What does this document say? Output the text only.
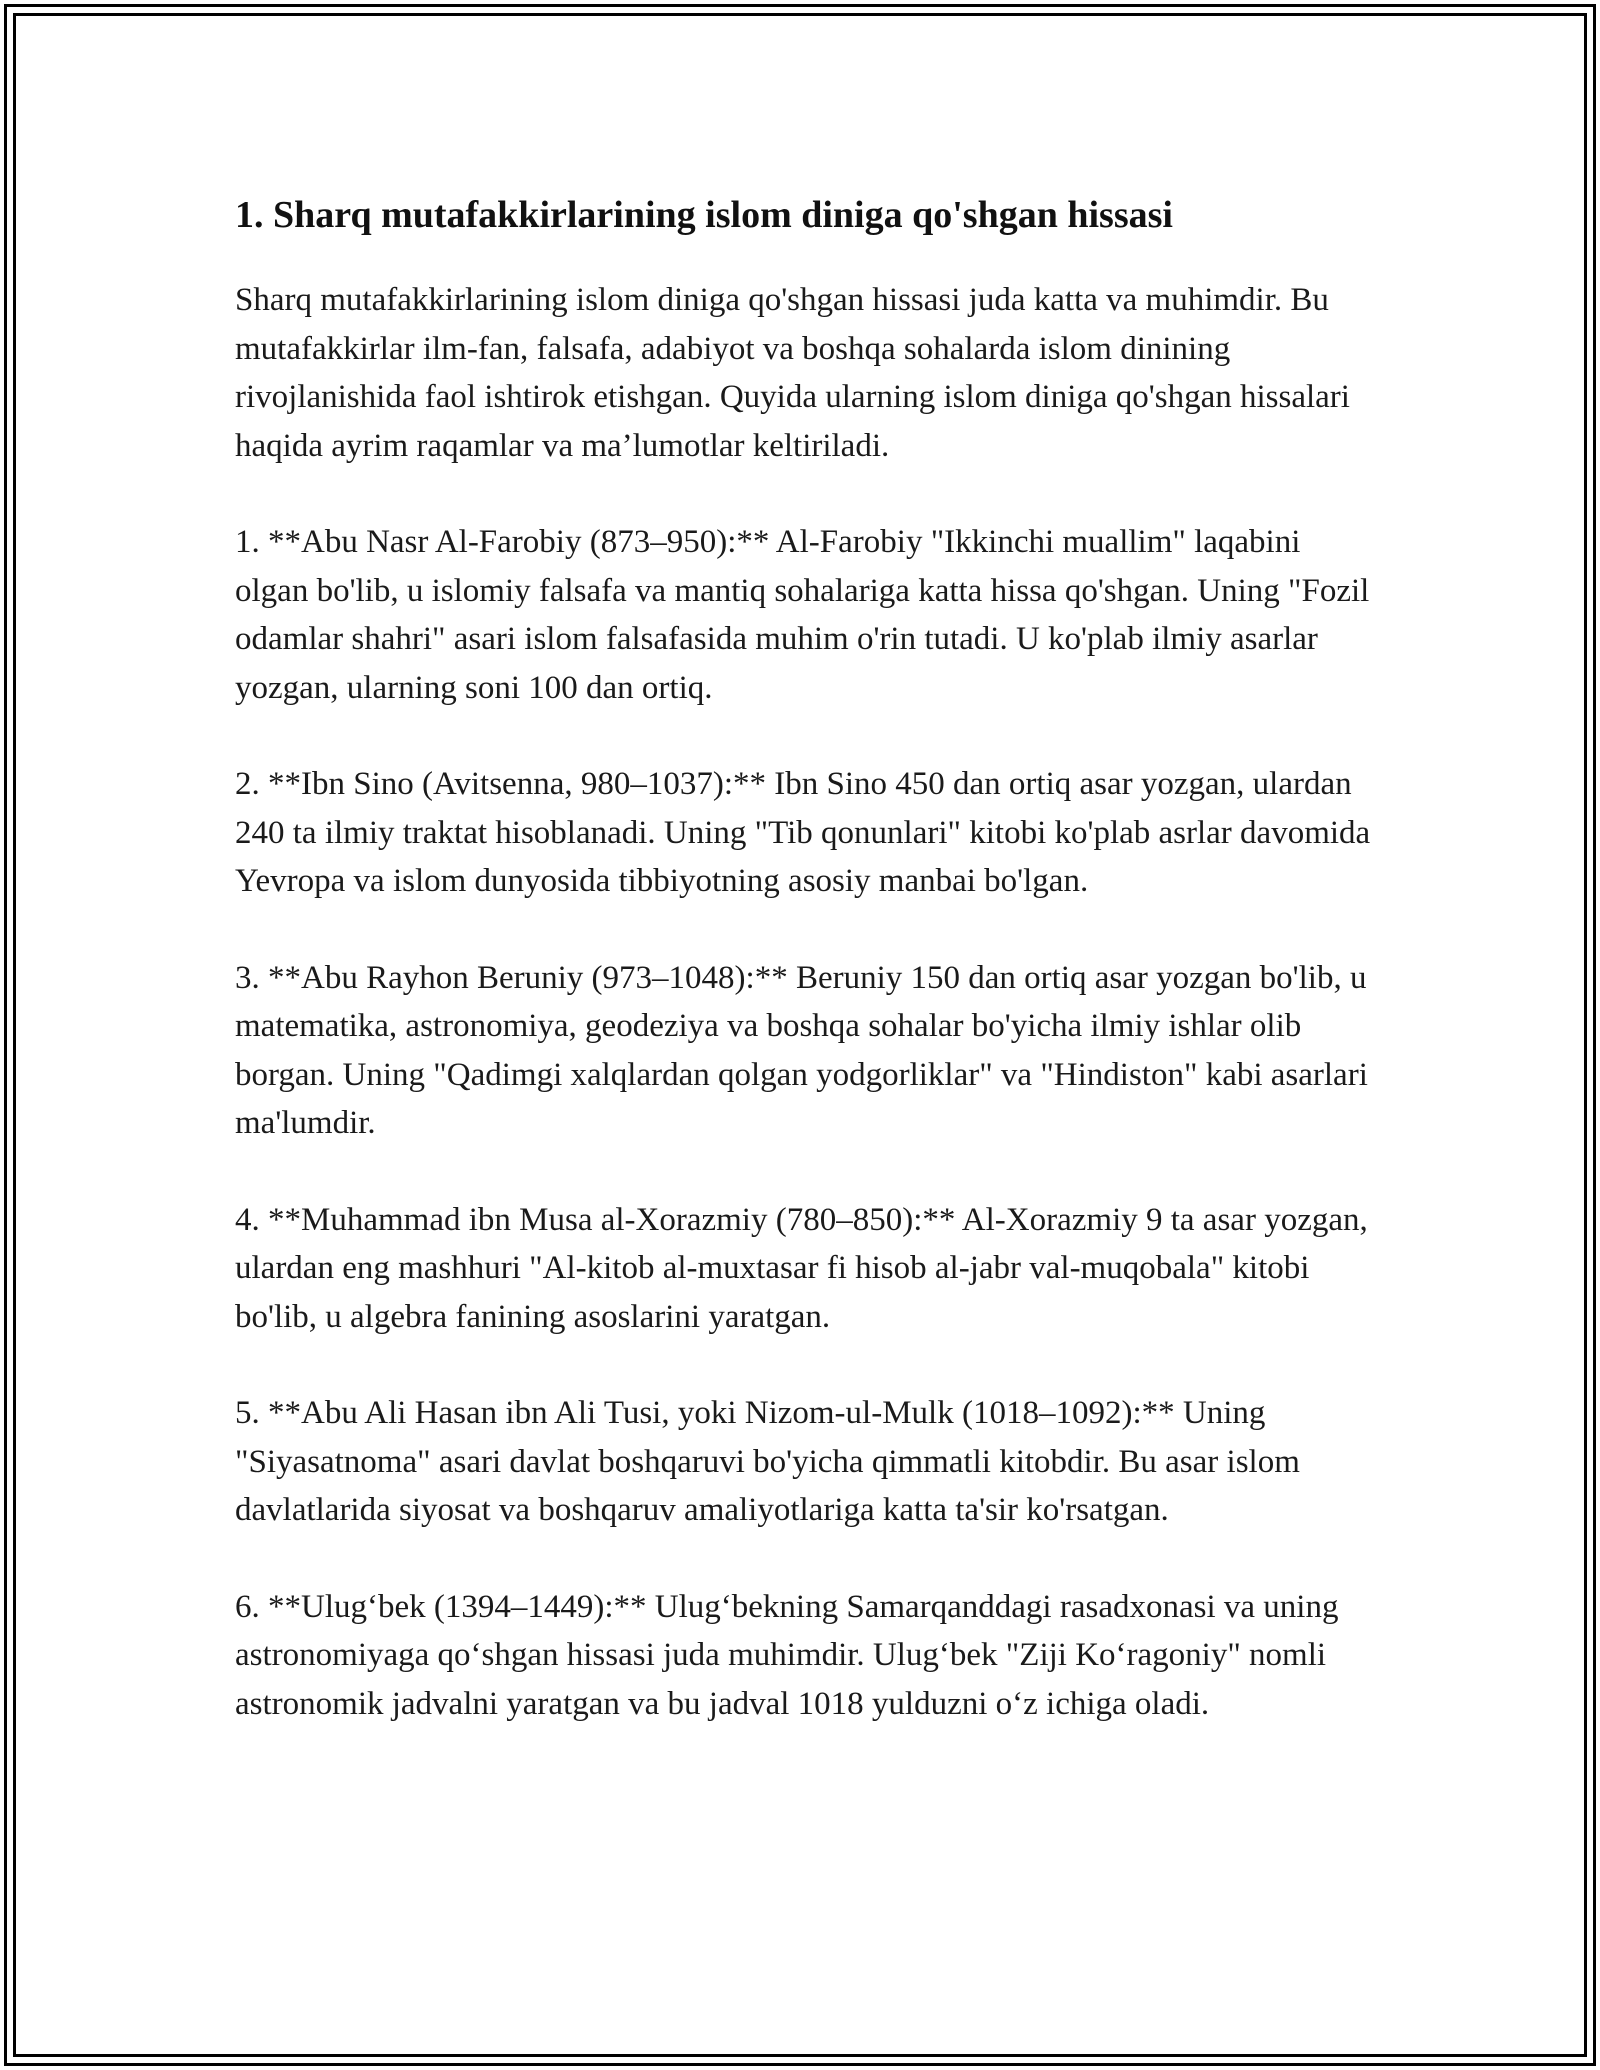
1. Sharq mutafakkirlarining islom diniga qo'shgan hissasi

Sharq mutafakkirlarining islom diniga qo'shgan hissasi juda katta va muhimdir. Bu mutafakkirlar ilm-fan, falsafa, adabiyot va boshqa sohalarda islom dinining rivojlanishida faol ishtirok etishgan. Quyida ularning islom diniga qo'shgan hissalari haqida ayrim raqamlar va ma’lumotlar keltiriladi.

1. **Abu Nasr Al-Farobiy (873–950):** Al-Farobiy "Ikkinchi muallim" laqabini olgan bo'lib, u islomiy falsafa va mantiq sohalariga katta hissa qo'shgan. Uning "Fozil odamlar shahri" asari islom falsafasida muhim o'rin tutadi. U ko'plab ilmiy asarlar yozgan, ularning soni 100 dan ortiq.

2. **Ibn Sino (Avitsenna, 980–1037):** Ibn Sino 450 dan ortiq asar yozgan, ulardan 240 ta ilmiy traktat hisoblanadi. Uning "Tib qonunlari" kitobi ko'plab asrlar davomida Yevropa va islom dunyosida tibbiyotning asosiy manbai bo'lgan.

3. **Abu Rayhon Beruniy (973–1048):** Beruniy 150 dan ortiq asar yozgan bo'lib, u matematika, astronomiya, geodeziya va boshqa sohalar bo'yicha ilmiy ishlar olib borgan. Uning "Qadimgi xalqlardan qolgan yodgorliklar" va "Hindiston" kabi asarlari ma'lumdir.

4. **Muhammad ibn Musa al-Xorazmiy (780–850):** Al-Xorazmiy 9 ta asar yozgan, ulardan eng mashhuri "Al-kitob al-muxtasar fi hisob al-jabr val-muqobala" kitobi bo'lib, u algebra fanining asoslarini yaratgan.

5. **Abu Ali Hasan ibn Ali Tusi, yoki Nizom-ul-Mulk (1018–1092):** Uning "Siyasatnoma" asari davlat boshqaruvi bo'yicha qimmatli kitobdir. Bu asar islom davlatlarida siyosat va boshqaruv amaliyotlariga katta ta'sir ko'rsatgan.

6. **Ulug‘bek (1394–1449):** Ulug‘bekning Samarqanddagi rasadxonasi va uning astronomiyaga qo‘shgan hissasi juda muhimdir. Ulug‘bek "Ziji Ko‘ragoniy" nomli astronomik jadvalni yaratgan va bu jadval 1018 yulduzni o‘z ichiga oladi.
